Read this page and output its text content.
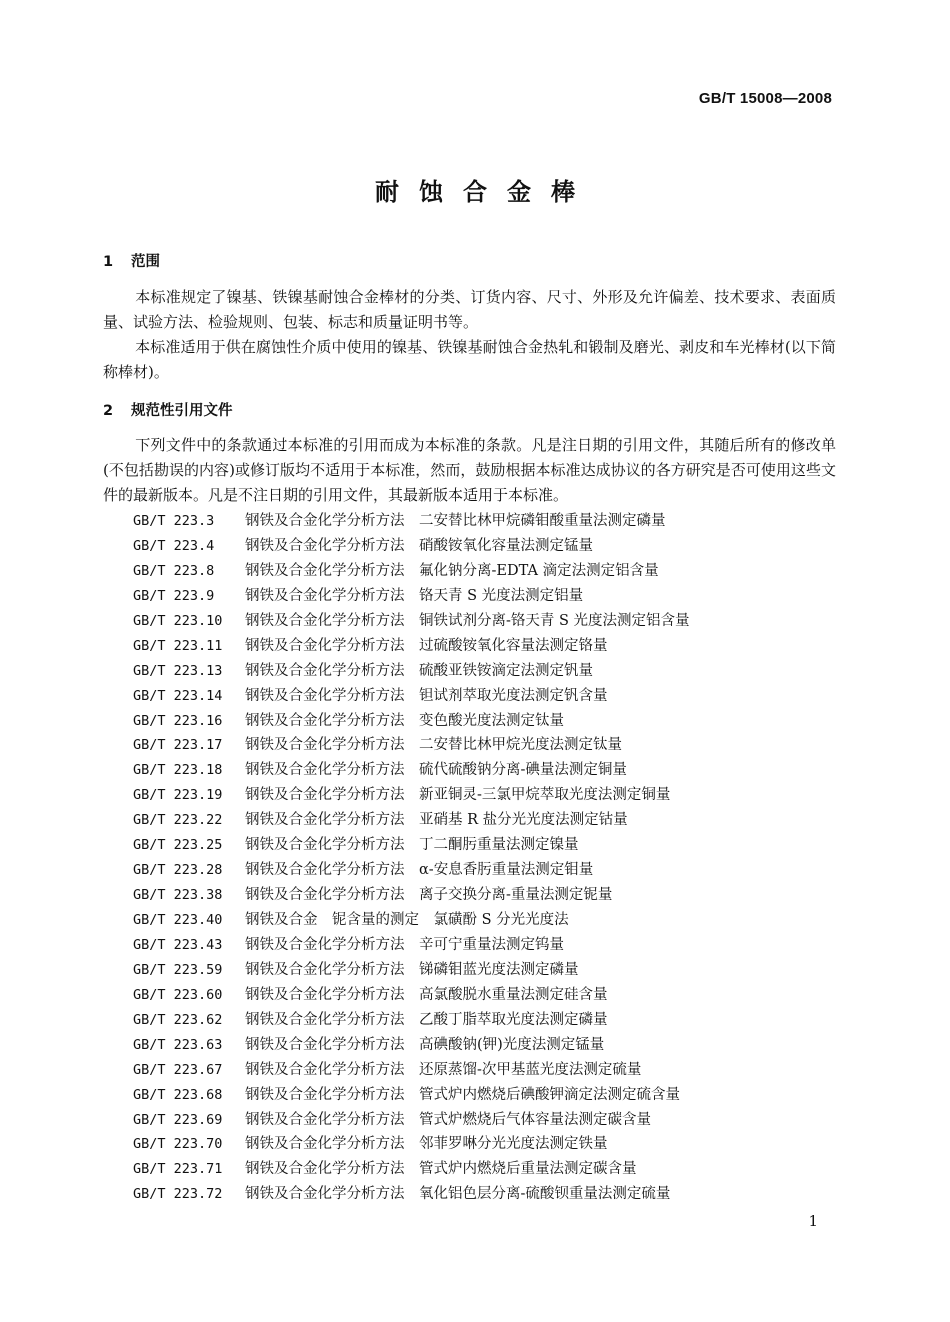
GB/T 15008—2008
耐蚀合金棒
1 范围
本标准规定了镍基、铁镍基耐蚀合金棒材的分类、订货内容、尺寸、外形及允许偏差、技术要求、表面质量、试验方法、检验规则、包装、标志和质量证明书等。
本标准适用于供在腐蚀性介质中使用的镍基、铁镍基耐蚀合金热轧和锻制及磨光、剥皮和车光棒材(以下简称棒材)。
2 规范性引用文件
下列文件中的条款通过本标准的引用而成为本标准的条款。凡是注日期的引用文件，其随后所有的修改单(不包括勘误的内容)或修订版均不适用于本标准，然而，鼓励根据本标准达成协议的各方研究是否可使用这些文件的最新版本。凡是不注日期的引用文件，其最新版本适用于本标准。
GB/T 223.3 钢铁及合金化学分析方法　二安替比林甲烷磷钼酸重量法测定磷量
GB/T 223.4 钢铁及合金化学分析方法　硝酸铵氧化容量法测定锰量
GB/T 223.8 钢铁及合金化学分析方法　氟化钠分离-EDTA 滴定法测定铝含量
GB/T 223.9 钢铁及合金化学分析方法　铬天青 S 光度法测定铝量
GB/T 223.10 钢铁及合金化学分析方法　铜铁试剂分离-铬天青 S 光度法测定铝含量
GB/T 223.11 钢铁及合金化学分析方法　过硫酸铵氧化容量法测定铬量
GB/T 223.13 钢铁及合金化学分析方法　硫酸亚铁铵滴定法测定钒量
GB/T 223.14 钢铁及合金化学分析方法　钽试剂萃取光度法测定钒含量
GB/T 223.16 钢铁及合金化学分析方法　变色酸光度法测定钛量
GB/T 223.17 钢铁及合金化学分析方法　二安替比林甲烷光度法测定钛量
GB/T 223.18 钢铁及合金化学分析方法　硫代硫酸钠分离-碘量法测定铜量
GB/T 223.19 钢铁及合金化学分析方法　新亚铜灵-三氯甲烷萃取光度法测定铜量
GB/T 223.22 钢铁及合金化学分析方法　亚硝基 R 盐分光光度法测定钴量
GB/T 223.25 钢铁及合金化学分析方法　丁二酮肟重量法测定镍量
GB/T 223.28 钢铁及合金化学分析方法　α-安息香肟重量法测定钼量
GB/T 223.38 钢铁及合金化学分析方法　离子交换分离-重量法测定铌量
GB/T 223.40 钢铁及合金　铌含量的测定　氯磺酚 S 分光光度法
GB/T 223.43 钢铁及合金化学分析方法　辛可宁重量法测定钨量
GB/T 223.59 钢铁及合金化学分析方法　锑磷钼蓝光度法测定磷量
GB/T 223.60 钢铁及合金化学分析方法　高氯酸脱水重量法测定硅含量
GB/T 223.62 钢铁及合金化学分析方法　乙酸丁脂萃取光度法测定磷量
GB/T 223.63 钢铁及合金化学分析方法　高碘酸钠(钾)光度法测定锰量
GB/T 223.67 钢铁及合金化学分析方法　还原蒸馏-次甲基蓝光度法测定硫量
GB/T 223.68 钢铁及合金化学分析方法　管式炉内燃烧后碘酸钾滴定法测定硫含量
GB/T 223.69 钢铁及合金化学分析方法　管式炉燃烧后气体容量法测定碳含量
GB/T 223.70 钢铁及合金化学分析方法　邻菲罗啉分光光度法测定铁量
GB/T 223.71 钢铁及合金化学分析方法　管式炉内燃烧后重量法测定碳含量
GB/T 223.72 钢铁及合金化学分析方法　氧化铝色层分离-硫酸钡重量法测定硫量
1
